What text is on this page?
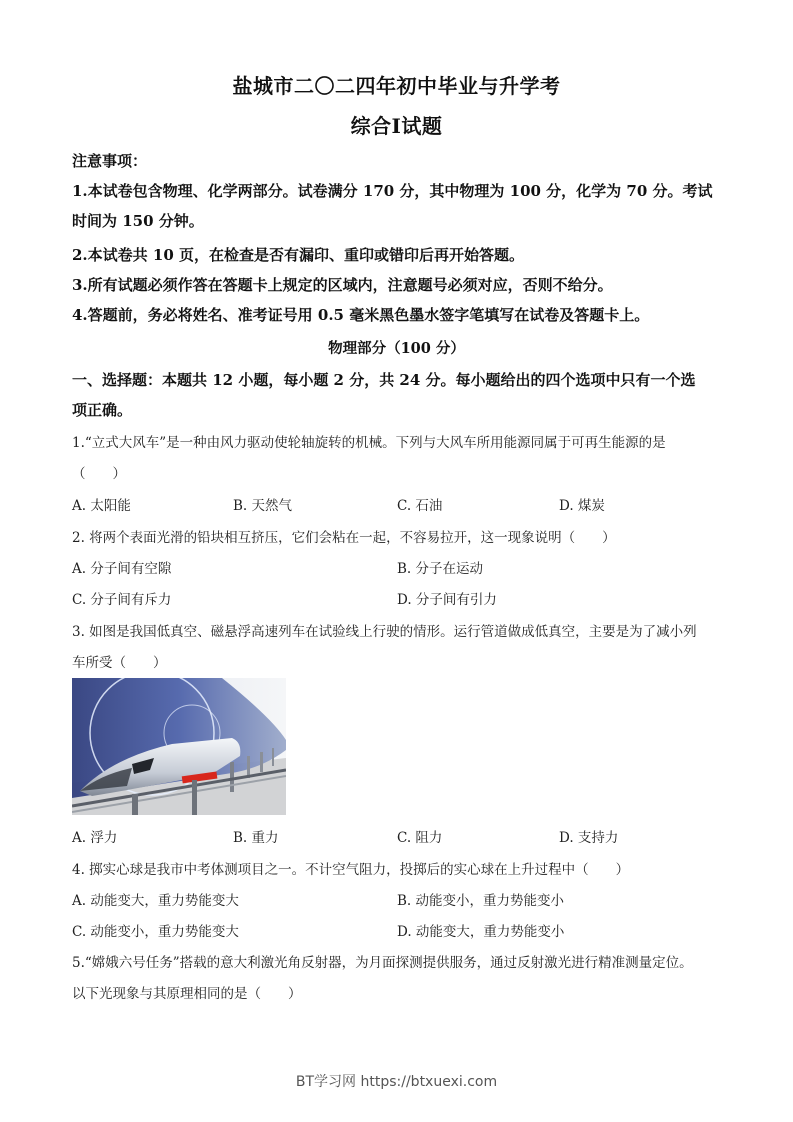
盐城市二〇二四年初中毕业与升学考
综合Ⅰ试题
注意事项：
1.本试卷包含物理、化学两部分。试卷满分 170 分，其中物理为 100 分，化学为 70 分。考试
时间为 150 分钟。
2.本试卷共 10 页，在检查是否有漏印、重印或错印后再开始答题。
3.所有试题必须作答在答题卡上规定的区域内，注意题号必须对应，否则不给分。
4.答题前，务必将姓名、准考证号用 0.5 毫米黑色墨水签字笔填写在试卷及答题卡上。
物理部分（100 分）
一、选择题：本题共 12 小题，每小题 2 分，共 24 分。每小题给出的四个选项中只有一个选
项正确。
1.“立式大风车”是一种由风力驱动使轮轴旋转的机械。下列与大风车所用能源同属于可再生能源的是
（　　）
A. 太阳能	B. 天然气	C. 石油	D. 煤炭
2. 将两个表面光滑的铅块相互挤压，它们会粘在一起，不容易拉开，这一现象说明（　　）
A. 分子间有空隙	B. 分子在运动
C. 分子间有斥力	D. 分子间有引力
3. 如图是我国低真空、磁悬浮高速列车在试验线上行驶的情形。运行管道做成低真空，主要是为了减小列
车所受（　　）
A. 浮力	B. 重力	C. 阻力	D. 支持力
4. 掷实心球是我市中考体测项目之一。不计空气阻力，投掷后的实心球在上升过程中（　　）
A. 动能变大，重力势能变大	B. 动能变小，重力势能变小
C. 动能变小，重力势能变大	D. 动能变大，重力势能变小
5.“嫦娥六号任务”搭载的意大利激光角反射器，为月面探测提供服务，通过反射激光进行精准测量定位。
以下光现象与其原理相同的是（　　）
BT学习网 https://btxuexi.com
